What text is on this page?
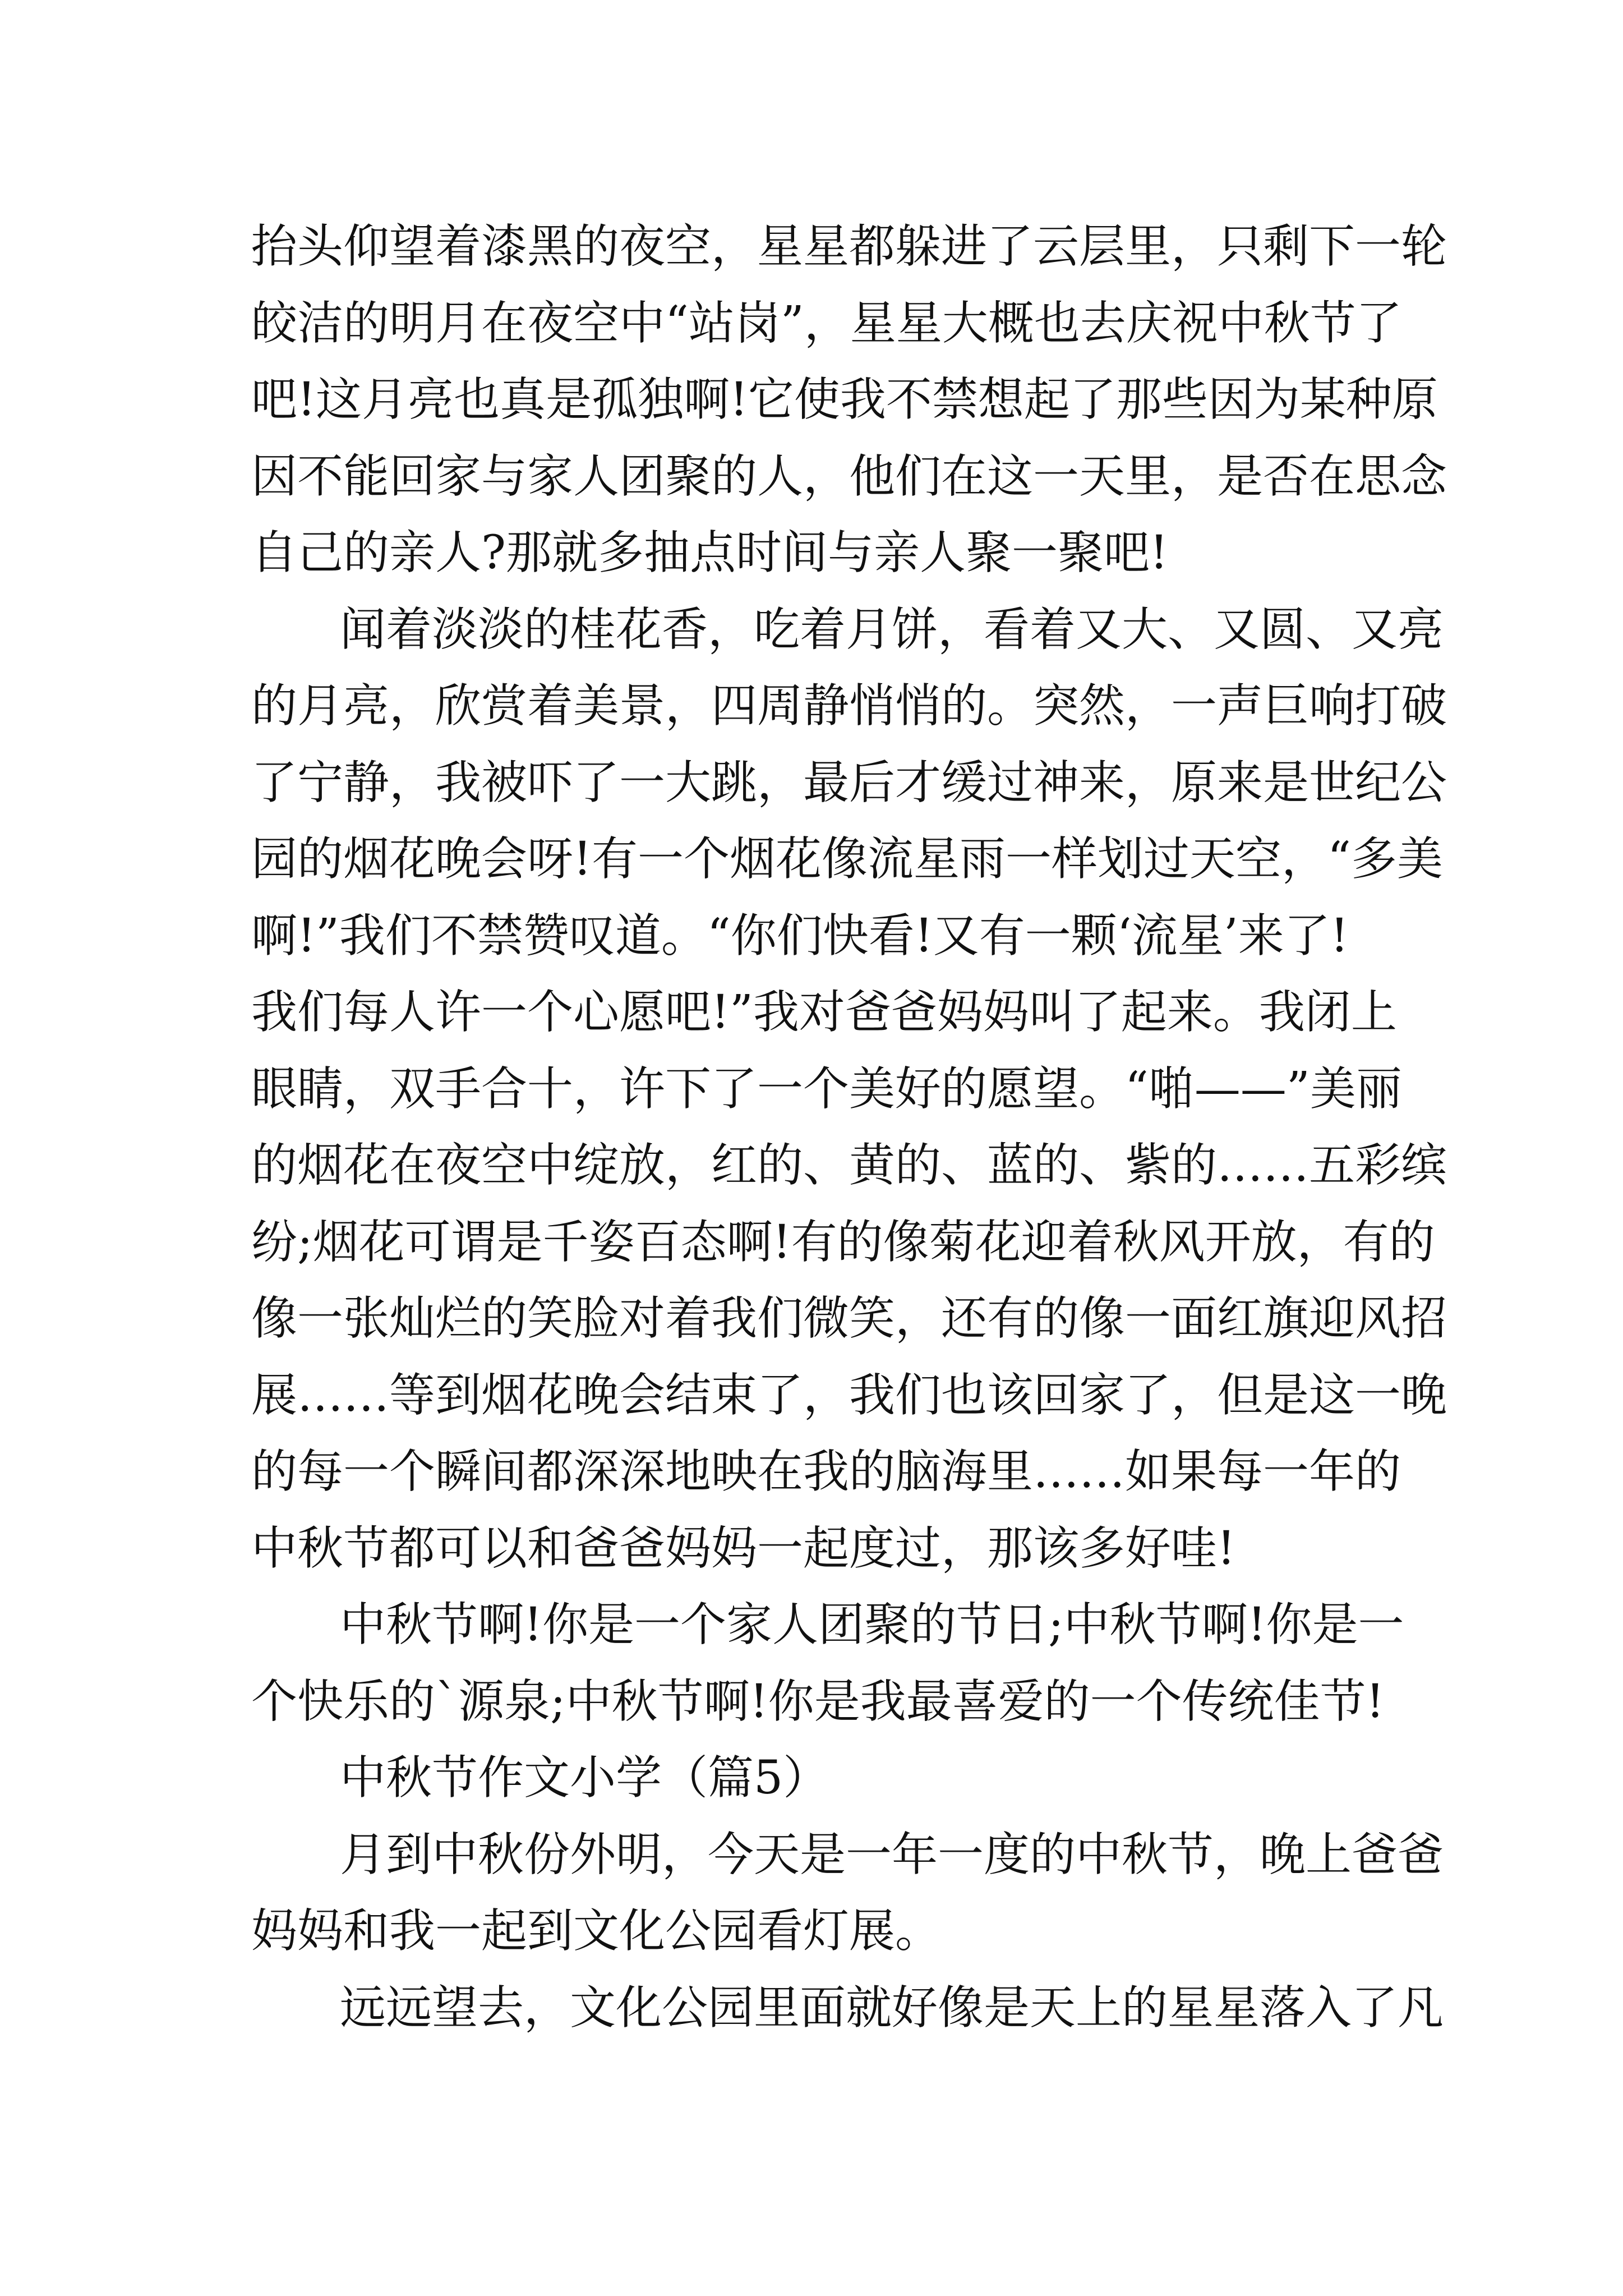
抬头仰望着漆黑的夜空，星星都躲进了云层里，只剩下一轮
皎洁的明月在夜空中“站岗”，星星大概也去庆祝中秋节了
吧!这月亮也真是孤独啊!它使我不禁想起了那些因为某种原
因不能回家与家人团聚的人，他们在这一天里，是否在思念
自己的亲人?那就多抽点时间与亲人聚一聚吧!
闻着淡淡的桂花香，吃着月饼，看着又大、又圆、又亮
的月亮，欣赏着美景，四周静悄悄的。突然，一声巨响打破
了宁静，我被吓了一大跳，最后才缓过神来，原来是世纪公
园的烟花晚会呀!有一个烟花像流星雨一样划过天空，“多美
啊!”我们不禁赞叹道。“你们快看!又有一颗‘流星’来了!
我们每人许一个心愿吧!”我对爸爸妈妈叫了起来。我闭上
眼睛，双手合十，许下了一个美好的愿望。“啪——”美丽
的烟花在夜空中绽放，红的、黄的、蓝的、紫的……五彩缤
纷;烟花可谓是千姿百态啊!有的像菊花迎着秋风开放，有的
像一张灿烂的笑脸对着我们微笑，还有的像一面红旗迎风招
展……等到烟花晚会结束了，我们也该回家了，但是这一晚
的每一个瞬间都深深地映在我的脑海里……如果每一年的
中秋节都可以和爸爸妈妈一起度过，那该多好哇!
中秋节啊!你是一个家人团聚的节日;中秋节啊!你是一
个快乐的`源泉;中秋节啊!你是我最喜爱的一个传统佳节!
中秋节作文小学（篇5）
月到中秋份外明，今天是一年一度的中秋节，晚上爸爸
妈妈和我一起到文化公园看灯展。
远远望去，文化公园里面就好像是天上的星星落入了凡
